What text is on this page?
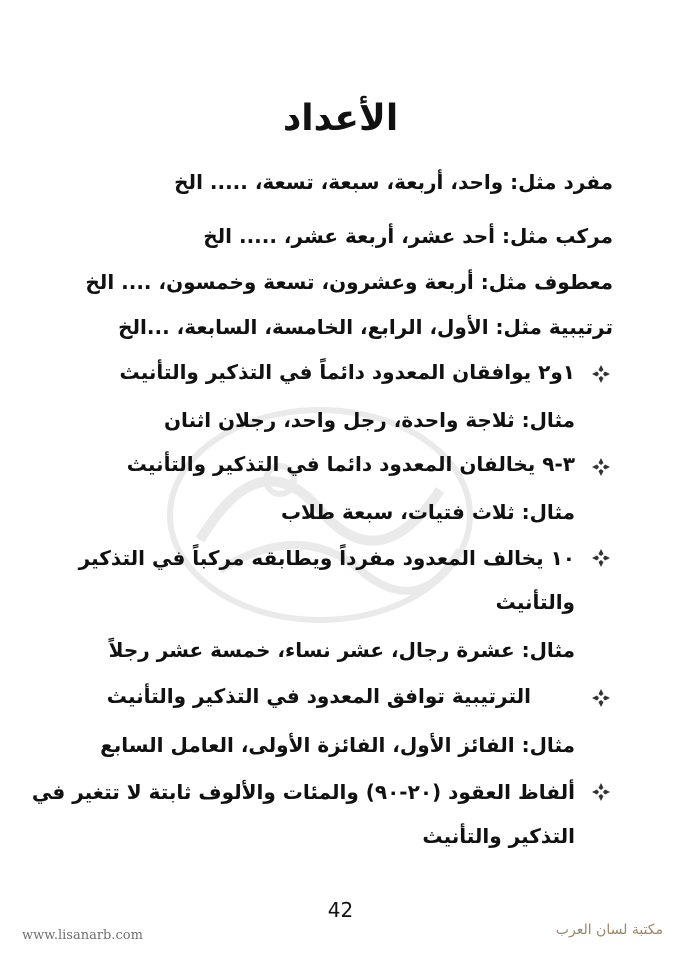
الأعداد
مفرد مثل: واحد، أربعة، سبعة، تسعة، ..... الخ
مركب مثل: أحد عشر، أربعة عشر، ..... الخ
معطوف مثل: أربعة وعشرون، تسعة وخمسون، .... الخ
ترتيبية مثل: الأول، الرابع، الخامسة، السابعة، ...الخ
١و٢ يوافقان المعدود دائماً في التذكير والتأنيث
مثال: ثلاجة واحدة، رجل واحد، رجلان اثنان
٣-٩ يخالفان المعدود دائما في التذكير والتأنيث
مثال: ثلاث فتيات، سبعة طلاب
١٠ يخالف المعدود مفرداً ويطابقه مركباً في التذكير والتأنيث
مثال: عشرة رجال، عشر نساء، خمسة عشر رجلاً
الترتيبية توافق المعدود في التذكير والتأنيث
مثال: الفائز الأول، الفائزة الأولى، العامل السابع
ألفاظ العقود (٢٠-٩٠) والمئات والألوف ثابتة لا تتغير في التذكير والتأنيث
42
www.lisanarb.com	مكتبة لسان العرب
